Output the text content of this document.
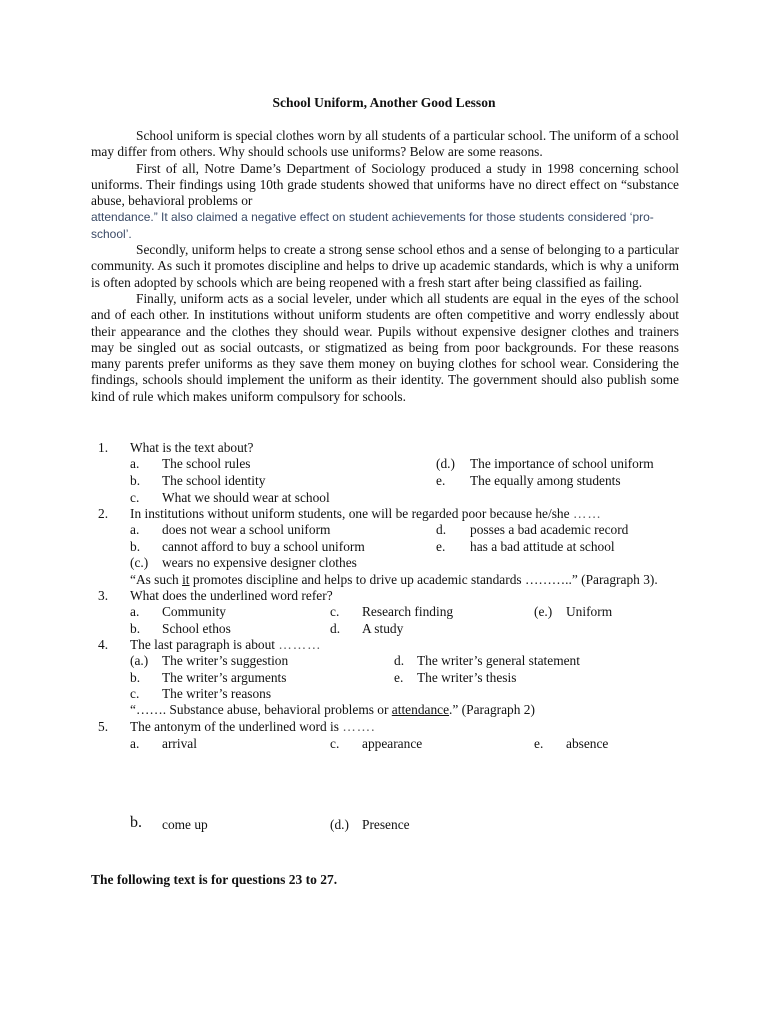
School Uniform, Another Good Lesson

School uniform is special clothes worn by all students of a particular school. The uniform of a school may differ from others. Why should schools use uniforms? Below are some reasons.

First of all, Notre Dame’s Department of Sociology produced a study in 1998 concerning school uniforms. Their findings using 10th grade students showed that uniforms have no direct effect on “substance abuse, behavioral problems or

attendance.” It also claimed a negative effect on student achievements for those students considered ‘pro-school’.

Secondly, uniform helps to create a strong sense school ethos and a sense of belonging to a particular community. As such it promotes discipline and helps to drive up academic standards, which is why a uniform is often adopted by schools which are being reopened with a fresh start after being classified as failing.

Finally, uniform acts as a social leveler, under which all students are equal in the eyes of the school and of each other. In institutions without uniform students are often competitive and worry endlessly about their appearance and the clothes they should wear. Pupils without expensive designer clothes and trainers may be singled out as social outcasts, or stigmatized as being from poor backgrounds. For these reasons many parents prefer uniforms as they save them money on buying clothes for school wear. Considering the findings, schools should implement the uniform as their identity. The government should also publish some kind of rule which makes uniform compulsory for schools.

1. What is the text about?
a. The school rules	(d.) The importance of school uniform
b. The school identity	e. The equally among students
c. What we should wear at school
2. In institutions without uniform students, one will be regarded poor because he/she ……
a. does not wear a school uniform	d. posses a bad academic record
b. cannot afford to buy a school uniform	e. has a bad attitude at school
(c.) wears no expensive designer clothes
“As such it promotes discipline and helps to drive up academic standards ………..” (Paragraph 3).
3. What does the underlined word refer?
a. Community	c. Research finding	(e.) Uniform
b. School ethos	d. A study
4. The last paragraph is about ………
(a.) The writer’s suggestion	d. The writer’s general statement
b. The writer’s arguments	e. The writer’s thesis
c. The writer’s reasons
“……. Substance abuse, behavioral problems or attendance.” (Paragraph 2)
5. The antonym of the underlined word is …….
a. arrival	c. appearance	e. absence
b. come up	(d.) Presence
The following text is for questions 23 to 27.
